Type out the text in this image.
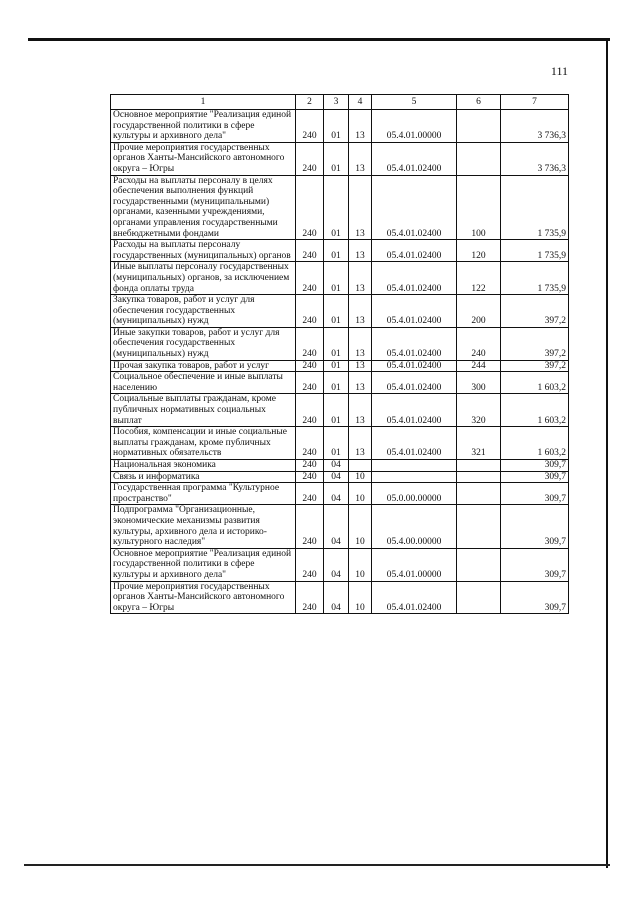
111
1	2	3	4	5	6	7
Основное мероприятие "Реализация единой государственной политики в сфере культуры и архивного дела"	240	01	13	05.4.01.00000		3 736,3
Прочие мероприятия государственных органов Ханты-Мансийского автономного округа – Югры	240	01	13	05.4.01.02400		3 736,3
Расходы на выплаты персоналу в целях обеспечения выполнения функций государственными (муниципальными) органами, казенными учреждениями, органами управления государственными внебюджетными фондами	240	01	13	05.4.01.02400	100	1 735,9
Расходы на выплаты персоналу государственных (муниципальных) органов	240	01	13	05.4.01.02400	120	1 735,9
Иные выплаты персоналу государственных (муниципальных) органов, за исключением фонда оплаты труда	240	01	13	05.4.01.02400	122	1 735,9
Закупка товаров, работ и услуг для обеспечения государственных (муниципальных) нужд	240	01	13	05.4.01.02400	200	397,2
Иные закупки товаров, работ и услуг для обеспечения государственных (муниципальных) нужд	240	01	13	05.4.01.02400	240	397,2
Прочая закупка товаров, работ и услуг	240	01	13	05.4.01.02400	244	397,2
Социальное обеспечение и иные выплаты населению	240	01	13	05.4.01.02400	300	1 603,2
Социальные выплаты гражданам, кроме публичных нормативных социальных выплат	240	01	13	05.4.01.02400	320	1 603,2
Пособия, компенсации и иные социальные выплаты гражданам, кроме публичных нормативных обязательств	240	01	13	05.4.01.02400	321	1 603,2
Национальная экономика	240	04				309,7
Связь и информатика	240	04	10			309,7
Государственная программа "Культурное пространство"	240	04	10	05.0.00.00000		309,7
Подпрограмма "Организационные, экономические механизмы развития культуры, архивного дела и историко-культурного наследия"	240	04	10	05.4.00.00000		309,7
Основное мероприятие "Реализация единой государственной политики в сфере культуры и архивного дела"	240	04	10	05.4.01.00000		309,7
Прочие мероприятия государственных органов Ханты-Мансийского автономного округа – Югры	240	04	10	05.4.01.02400		309,7
